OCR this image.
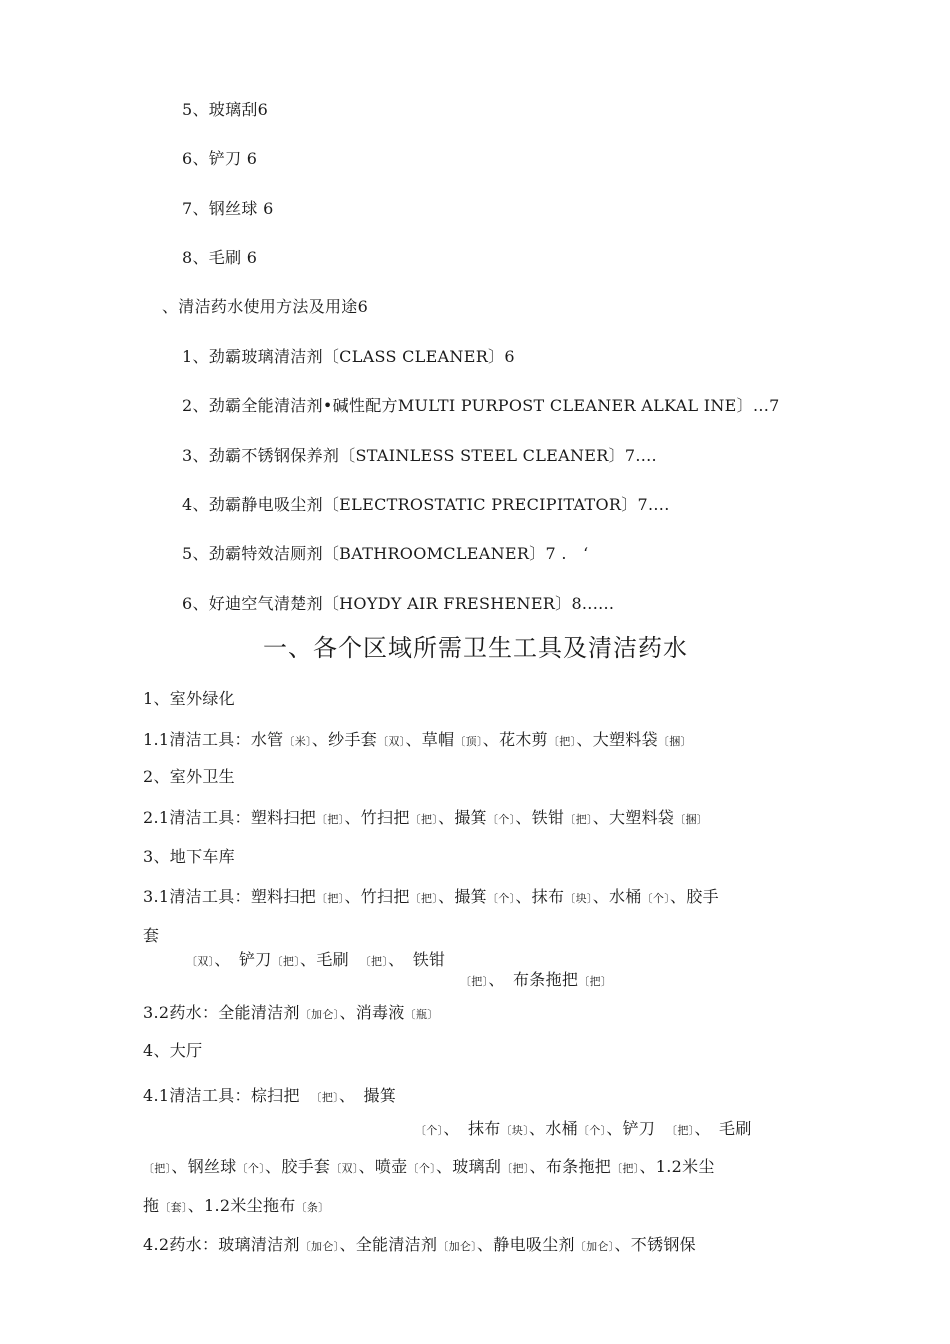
5、玻璃刮6
6、铲刀 6
7、钢丝球 6
8、毛刷 6
、清洁药水使用方法及用途6
1、劲霸玻璃清洁剂〔CLASS CLEANER〕6
2、劲霸全能清洁剂•碱性配方MULTI PURPOST CLEANER ALKAL INE〕...7
3、劲霸不锈钢保养剂〔STAINLESS STEEL CLEANER〕7....
4、劲霸静电吸尘剂〔ELECTROSTATIC PRECIPITATOR〕7....
5、劲霸特效洁厕剂〔BATHROOMCLEANER〕7 .　‘
6、好迪空气清楚剂〔HOYDY AIR FRESHENER〕8......
一、各个区域所需卫生工具及清洁药水
1、室外绿化
1.1清洁工具：水管〔米〕、纱手套〔双〕、草帽〔顶〕、花木剪〔把〕、大塑料袋〔捆〕
2、室外卫生
2.1清洁工具：塑料扫把〔把〕、竹扫把〔把〕、撮箕〔个〕、铁钳〔把〕、大塑料袋〔捆〕
3、地下车库
3.1清洁工具：塑料扫把〔把〕、竹扫把〔把〕、撮箕〔个〕、抹布〔块〕、水桶〔个〕、胶手
套
〔双〕、　铲刀〔把〕、毛刷　〔把〕、　铁钳
〔把〕、　布条拖把〔把〕
3.2药水：全能清洁剂〔加仑〕、消毒液〔瓶〕
4、大厅
4.1清洁工具：棕扫把　〔把〕、　撮箕
〔个〕、　抹布〔块〕、水桶〔个〕、铲刀　〔把〕、　毛刷
〔把〕、钢丝球〔个〕、胶手套〔双〕、喷壶〔个〕、玻璃刮〔把〕、布条拖把〔把〕、1.2米尘
拖〔套〕、1.2米尘拖布〔条〕
4.2药水：玻璃清洁剂〔加仑〕、全能清洁剂〔加仑〕、静电吸尘剂〔加仑〕、不锈钢保
